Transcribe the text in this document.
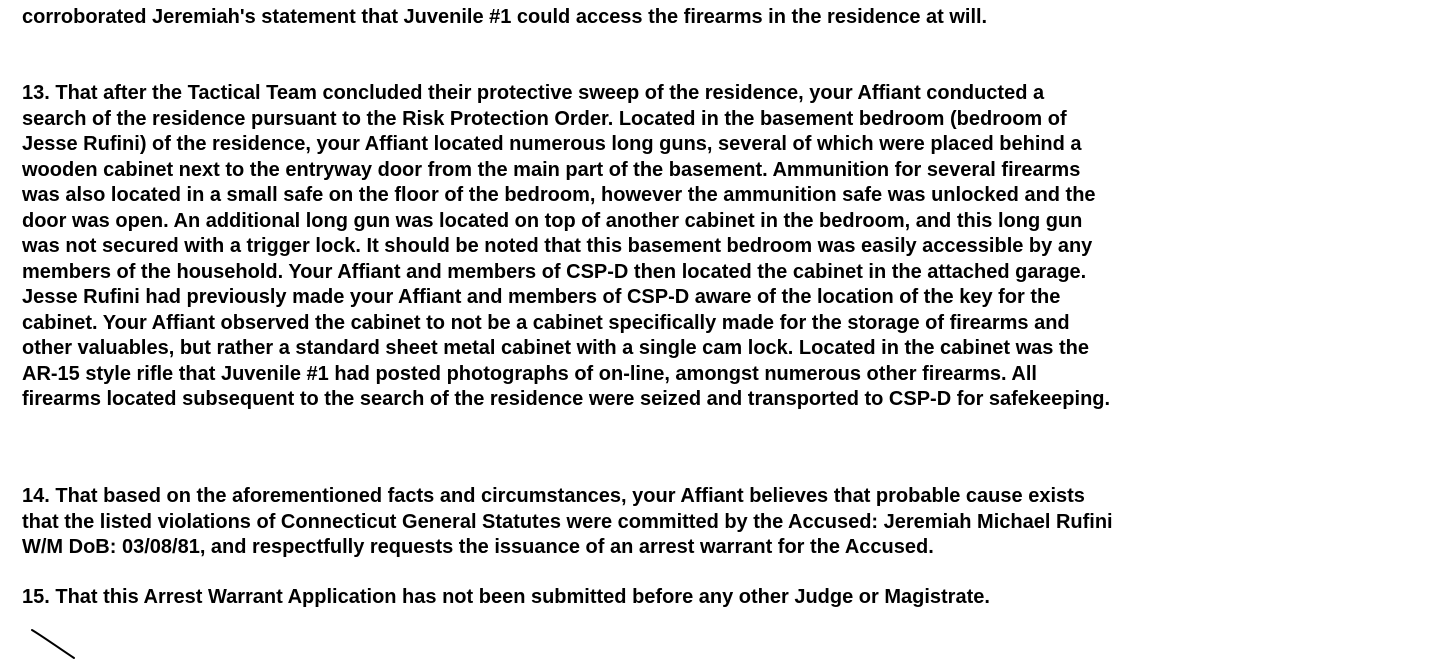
corroborated Jeremiah's statement that Juvenile #1 could access the firearms in the residence at will.

13. That after the Tactical Team concluded their protective sweep of the residence, your Affiant conducted a
search of the residence pursuant to the Risk Protection Order. Located in the basement bedroom (bedroom of
Jesse Rufini) of the residence, your Affiant located numerous long guns, several of which were placed behind a
wooden cabinet next to the entryway door from the main part of the basement. Ammunition for several firearms
was also located in a small safe on the floor of the bedroom, however the ammunition safe was unlocked and the
door was open. An additional long gun was located on top of another cabinet in the bedroom, and this long gun
was not secured with a trigger lock. It should be noted that this basement bedroom was easily accessible by any
members of the household. Your Affiant and members of CSP-D then located the cabinet in the attached garage.
Jesse Rufini had previously made your Affiant and members of CSP-D aware of the location of the key for the
cabinet. Your Affiant observed the cabinet to not be a cabinet specifically made for the storage of firearms and
other valuables, but rather a standard sheet metal cabinet with a single cam lock. Located in the cabinet was the
AR-15 style rifle that Juvenile #1 had posted photographs of on-line, amongst numerous other firearms. All
firearms located subsequent to the search of the residence were seized and transported to CSP-D for safekeeping.

14. That based on the aforementioned facts and circumstances, your Affiant believes that probable cause exists
that the listed violations of Connecticut General Statutes were committed by the Accused: Jeremiah Michael Rufini
W/M DoB: 03/08/81, and respectfully requests the issuance of an arrest warrant for the Accused.

15. That this Arrest Warrant Application has not been submitted before any other Judge or Magistrate.
